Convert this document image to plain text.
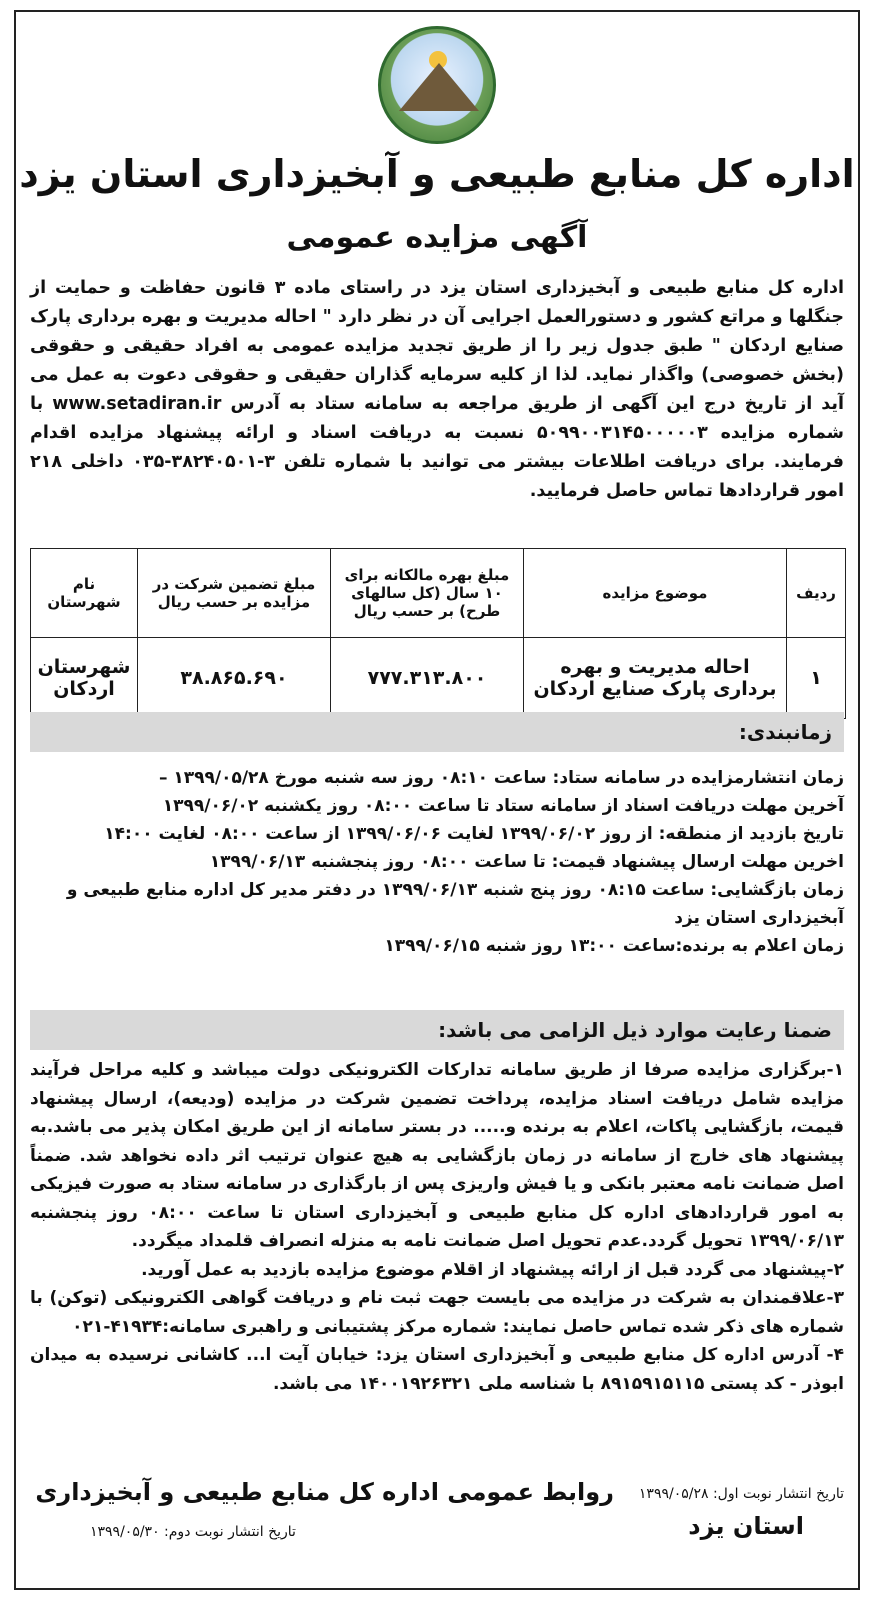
اداره کل منابع طبیعی و آبخیزداری استان یزد
آگهی مزایده عمومی
اداره کل منابع طبیعی و آبخیزداری استان یزد در راستای ماده ۳ قانون حفاظت و حمایت از جنگلها و مراتع کشور و دستورالعمل اجرایی آن در نظر دارد " احاله مدیریت و بهره برداری پارک صنایع اردکان " طبق جدول زیر را از طریق تجدید مزایده عمومی به افراد حقیقی و حقوقی (بخش خصوصی) واگذار نماید. لذا از کلیه سرمایه گذاران حقیقی و حقوقی دعوت به عمل می آید از تاریخ درج این آگهی از طریق مراجعه به سامانه ستاد به آدرس www.setadiran.ir با شماره مزایده ۵۰۹۹۰۰۳۱۴۵۰۰۰۰۰۳ نسبت به دریافت اسناد و ارائه پیشنهاد مزایده اقدام فرمایند. برای دریافت اطلاعات بیشتر می توانید با شماره تلفن ۳-۳۸۲۴۰۵۰۱-۰۳۵ داخلی ۲۱۸ امور قراردادها تماس حاصل فرمایید.
ردیف	موضوع مزایده	مبلغ بهره مالکانه برای ۱۰ سال (کل سالهای طرح) بر حسب ریال	مبلغ تضمین شرکت در مزایده بر حسب ریال	نام شهرستان
۱	احاله مدیریت و بهره برداری پارک صنایع اردکان	۷۷۷.۳۱۳.۸۰۰	۳۸.۸۶۵.۶۹۰	شهرستان اردکان
زمانبندی:

زمان انتشارمزایده در سامانه ستاد: ساعت ۰۸:۱۰ روز سه شنبه مورخ ۱۳۹۹/۰۵/۲۸ –

آخرین مهلت دریافت اسناد از سامانه ستاد تا ساعت ۰۸:۰۰ روز یکشنبه ۱۳۹۹/۰۶/۰۲

تاریخ بازدید از منطقه: از روز ۱۳۹۹/۰۶/۰۲ لغایت ۱۳۹۹/۰۶/۰۶ از ساعت ۰۸:۰۰ لغایت ۱۴:۰۰

اخرین مهلت ارسال پیشنهاد قیمت: تا ساعت ۰۸:۰۰ روز پنجشنبه ۱۳۹۹/۰۶/۱۳

زمان بازگشایی: ساعت ۰۸:۱۵ روز پنج شنبه ۱۳۹۹/۰۶/۱۳ در دفتر مدیر کل اداره منابع طبیعی و آبخیزداری استان یزد

زمان اعلام به برنده:ساعت ۱۳:۰۰ روز شنبه ۱۳۹۹/۰۶/۱۵

ضمنا رعایت موارد ذیل الزامی می باشد:

۱-برگزاری مزایده صرفا از طریق سامانه تدارکات الکترونیکی دولت میباشد و کلیه مراحل فرآیند مزایده شامل دریافت اسناد مزایده، پرداخت تضمین شرکت در مزایده (ودیعه)، ارسال پیشنهاد قیمت، بازگشایی پاکات، اعلام به برنده و..... در بستر سامانه از این طریق امکان پذیر می باشد.به پیشنهاد های خارج از سامانه در زمان بازگشایی به هیچ عنوان ترتیب اثر داده نخواهد شد. ضمناً اصل ضمانت نامه معتبر بانکی و یا فیش واریزی پس از بارگذاری در سامانه ستاد به صورت فیزیکی به امور قراردادهای اداره کل منابع طبیعی و آبخیزداری استان تا ساعت ۰۸:۰۰ روز پنجشنبه ۱۳۹۹/۰۶/۱۳ تحویل گردد.عدم تحویل اصل ضمانت نامه به منزله انصراف قلمداد میگردد.

۲-پیشنهاد می گردد قبل از ارائه پیشنهاد از اقلام موضوع مزایده بازدید به عمل آورید.

۳-علاقمندان به شرکت در مزایده می بایست جهت ثبت نام و دریافت گواهی الکترونیکی (توکن) با شماره های ذکر شده تماس حاصل نمایند: شماره مرکز پشتیبانی و راهبری سامانه:۴۱۹۳۴-۰۲۱

۴- آدرس اداره کل منابع طبیعی و آبخیزداری استان یزد: خیابان آیت ا... کاشانی نرسیده به میدان ابوذر - کد پستی ۸۹۱۵۹۱۵۱۱۵ با شناسه ملی ۱۴۰۰۱۹۲۶۳۲۱ می باشد.

تاریخ انتشار نوبت اول: ۱۳۹۹/۰۵/۲۸
روابط عمومی اداره کل منابع طبیعی و آبخیزداری
استان یزد
تاریخ انتشار نوبت دوم: ۱۳۹۹/۰۵/۳۰
